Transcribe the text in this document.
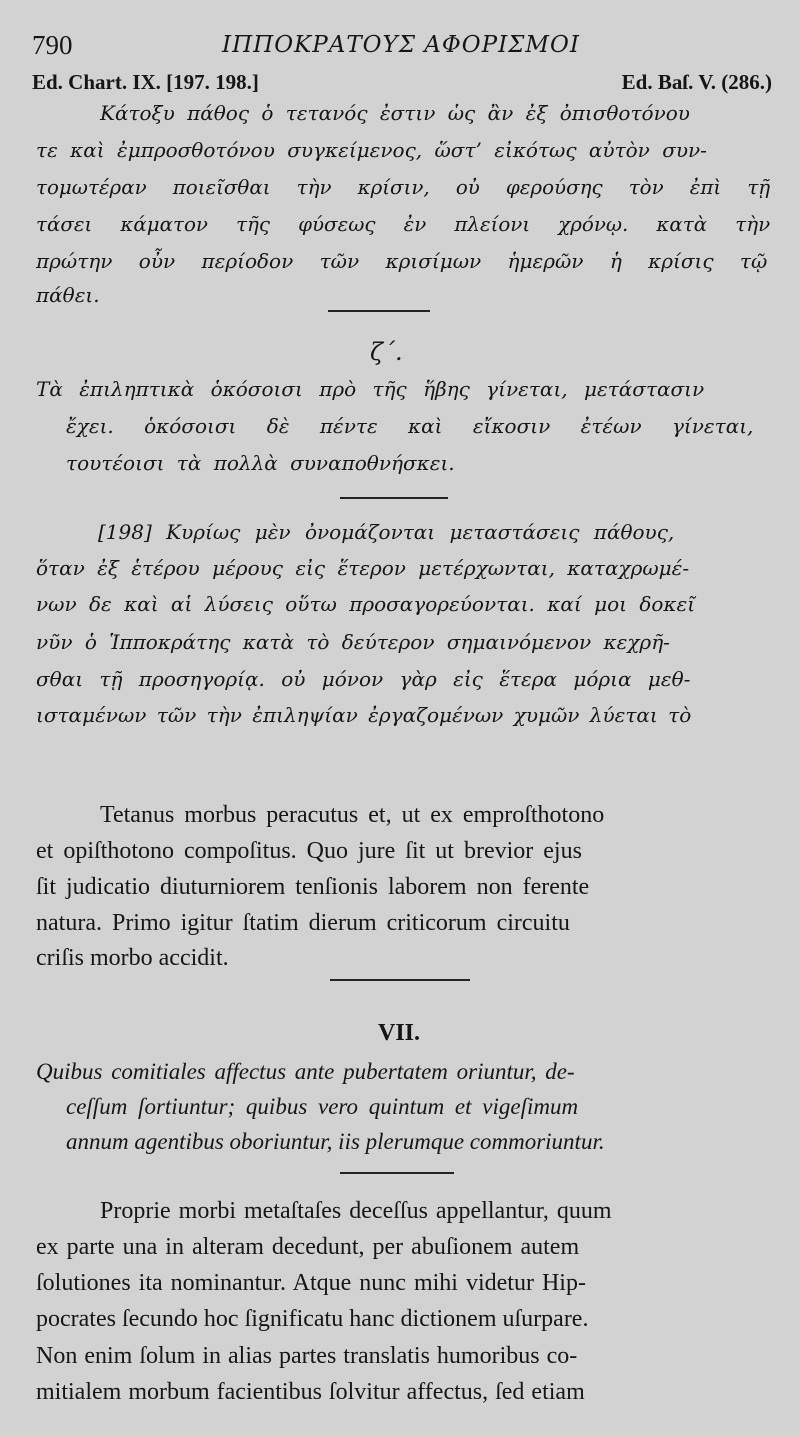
790	ΙΠΠΟΚΡΑΤΟΥΣ ΑΦΟΡΙΣΜΟΙ
Ed. Chart. IX. [197. 198.]	Ed. Baſ. V. (286.)
Κάτοξυ πάθος ὁ τετανός ἐστιν ὡς ἂν ἐξ ὀπισθοτόνου
τε καὶ ἐμπροσθοτόνου συγκείμενος, ὥστ’ εἰκότως αὐτὸν συν-
τομωτέραν ποιεῖσθαι τὴν κρίσιν, οὐ φερούσης τὸν ἐπὶ τῇ
τάσει κάματον τῆς φύσεως ἐν πλείονι χρόνῳ. κατὰ τὴν
πρώτην οὖν περίοδον τῶν κρισίμων ἡμερῶν ἡ κρίσις τῷ
πάθει.
ζ΄.
Τὰ ἐπιληπτικὰ ὁκόσοισι πρὸ τῆς ἥβης γίνεται, μετάστασιν
ἔχει. ὁκόσοισι δὲ πέντε καὶ εἴκοσιν ἐτέων γίνεται,
τουτέοισι τὰ πολλὰ συναποθνήσκει.
[198] Κυρίως μὲν ὀνομάζονται μεταστάσεις πάθους,
ὅταν ἐξ ἑτέρου μέρους εἰς ἕτερον μετέρχωνται, καταχρωμέ-
νων δε καὶ αἱ λύσεις οὕτω προσαγορεύονται. καί μοι δοκεῖ
νῦν ὁ Ἱπποκράτης κατὰ τὸ δεύτερον σημαινόμενον κεχρῆ-
σθαι τῇ προσηγορίᾳ. οὐ μόνον γὰρ εἰς ἕτερα μόρια μεθ-
ισταμένων τῶν τὴν ἐπιληψίαν ἐργαζομένων χυμῶν λύεται τὸ
Tetanus morbus peracutus et, ut ex emproſthotono
et opiſthotono compoſitus. Quo jure ſit ut brevior ejus
ſit judicatio diuturniorem tenſionis laborem non ferente
natura. Primo igitur ſtatim dierum criticorum circuitu
criſis morbo accidit.
VII.
Quibus comitiales affectus ante pubertatem oriuntur, de-
ceſſum ſortiuntur; quibus vero quintum et vigeſimum
annum agentibus oboriuntur, iis plerumque commoriuntur.
Proprie morbi metaſtaſes deceſſus appellantur, quum
ex parte una in alteram decedunt, per abuſionem autem
ſolutiones ita nominantur. Atque nunc mihi videtur Hip-
pocrates ſecundo hoc ſignificatu hanc dictionem uſurpare.
Non enim ſolum in alias partes translatis humoribus co-
mitialem morbum facientibus ſolvitur affectus, ſed etiam
